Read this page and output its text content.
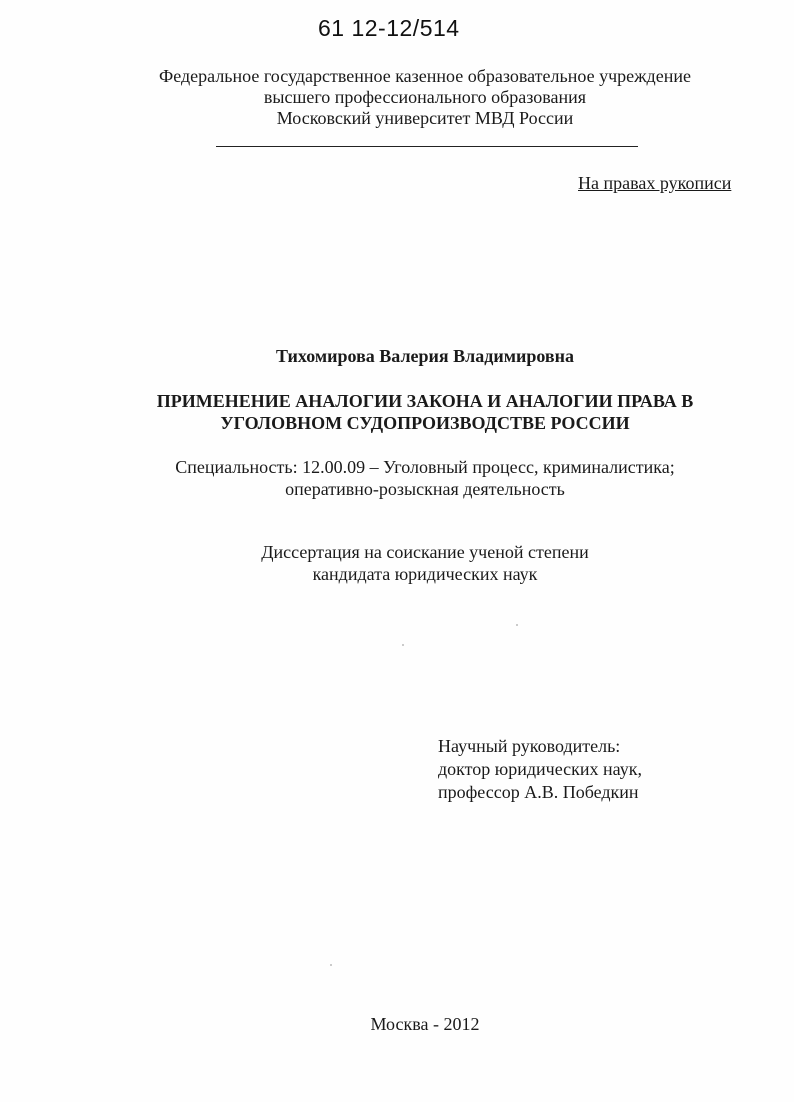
61 12-12/514
Федеральное государственное казенное образовательное учреждение
высшего профессионального образования
Московский университет МВД России
На правах рукописи
Тихомирова Валерия Владимировна
ПРИМЕНЕНИЕ АНАЛОГИИ ЗАКОНА И АНАЛОГИИ ПРАВА В
УГОЛОВНОМ СУДОПРОИЗВОДСТВЕ РОССИИ
Специальность: 12.00.09 – Уголовный процесс, криминалистика;
оперативно-розыскная деятельность
Диссертация на соискание ученой степени
кандидата юридических наук
Научный руководитель:
доктор юридических наук,
профессор А.В. Победкин
Москва - 2012
